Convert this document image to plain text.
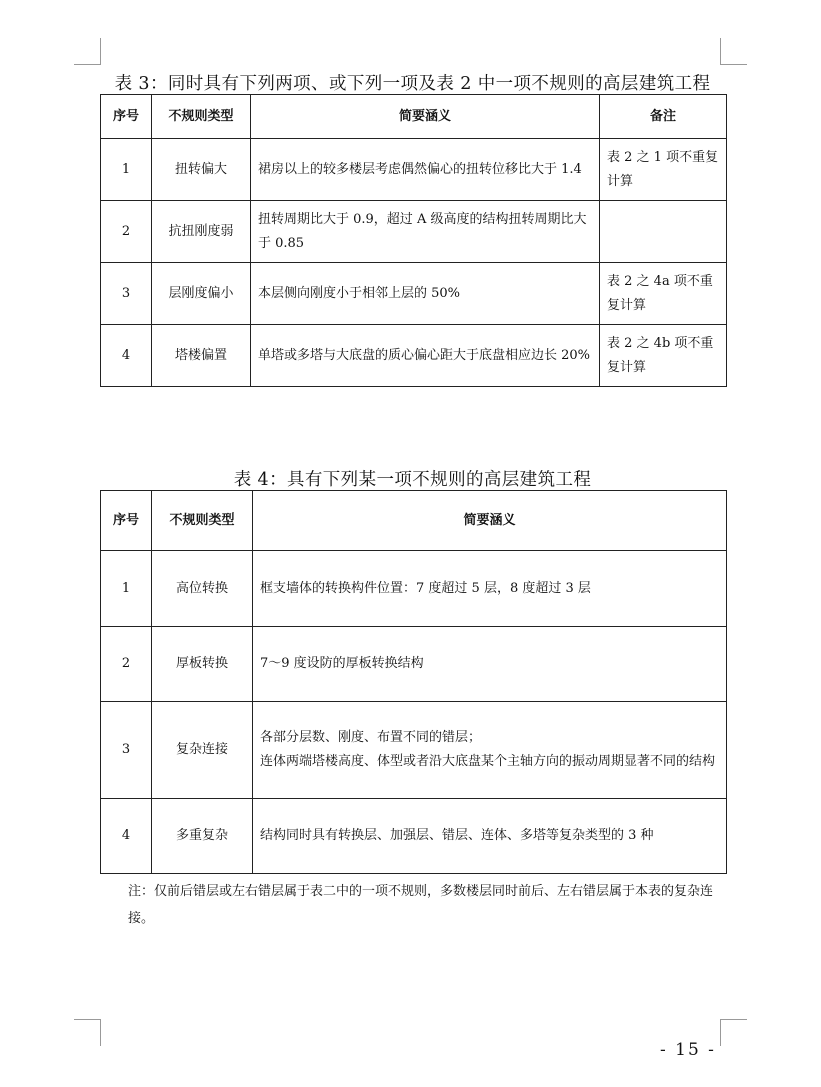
表 3：同时具有下列两项、或下列一项及表 2 中一项不规则的高层建筑工程
序号	不规则类型	简要涵义	备注
1	扭转偏大	裙房以上的较多楼层考虑偶然偏心的扭转位移比大于 1.4	表 2 之 1 项不重复计算
2	抗扭刚度弱	扭转周期比大于 0.9，超过 A 级高度的结构扭转周期比大于 0.85	
3	层刚度偏小	本层侧向刚度小于相邻上层的 50%	表 2 之 4a 项不重复计算
4	塔楼偏置	单塔或多塔与大底盘的质心偏心距大于底盘相应边长 20%	表 2 之 4b 项不重复计算
表 4：具有下列某一项不规则的高层建筑工程
序号	不规则类型	简要涵义
1	高位转换	框支墙体的转换构件位置：7 度超过 5 层，8 度超过 3 层
2	厚板转换	7～9 度设防的厚板转换结构
3	复杂连接	各部分层数、刚度、布置不同的错层；
连体两端塔楼高度、体型或者沿大底盘某个主轴方向的振动周期显著不同的结构
4	多重复杂	结构同时具有转换层、加强层、错层、连体、多塔等复杂类型的 3 种
注：仅前后错层或左右错层属于表二中的一项不规则，多数楼层同时前后、左右错层属于本表的复杂连接。
- 15 -
